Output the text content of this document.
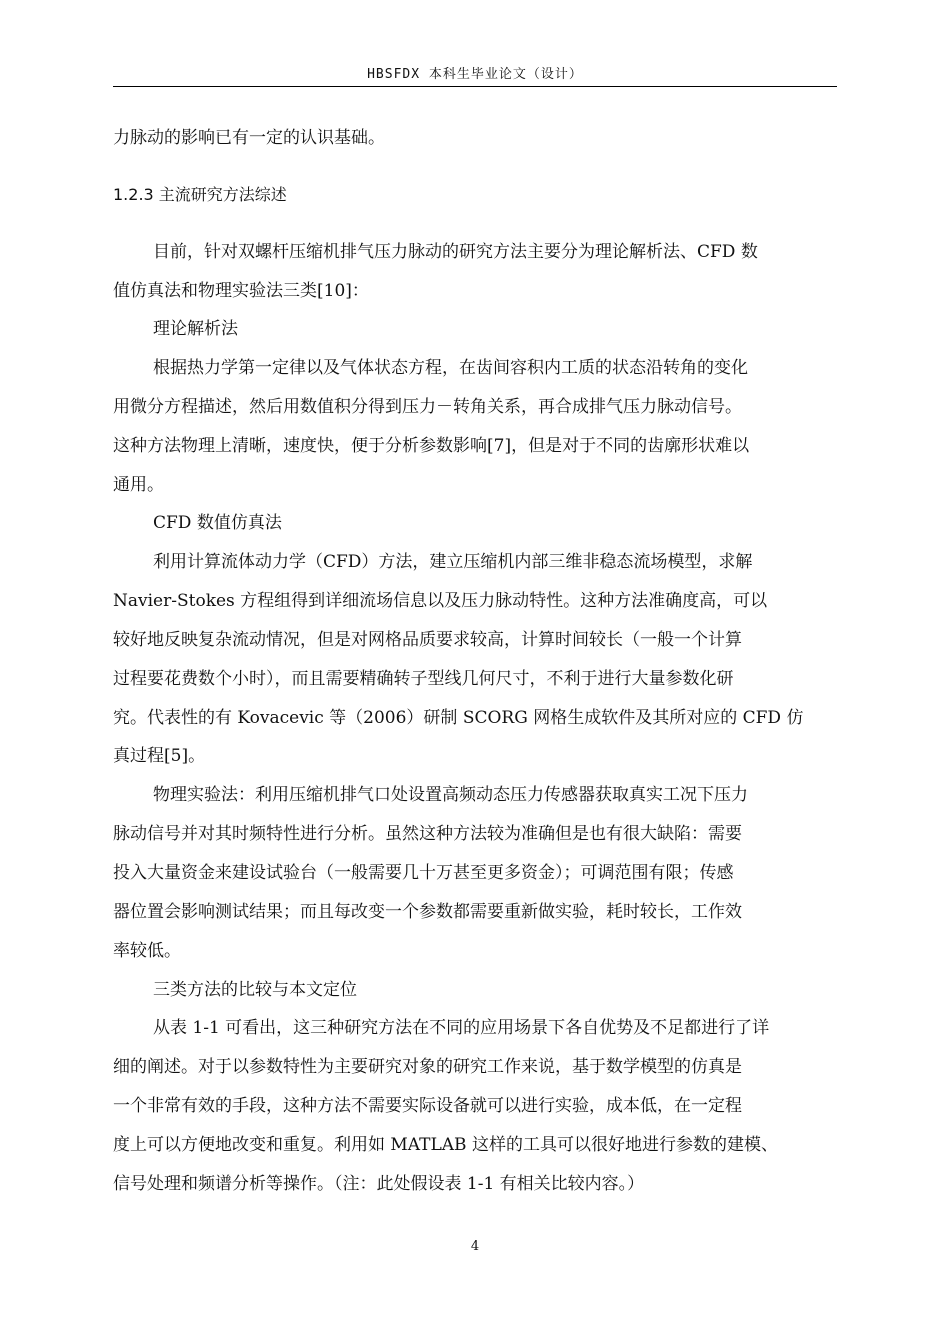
HBSFDX 本科生毕业论文（设计）
力脉动的影响已有一定的认识基础。
1.2.3 主流研究方法综述
目前，针对双螺杆压缩机排气压力脉动的研究方法主要分为理论解析法、CFD 数
值仿真法和物理实验法三类[10]：
理论解析法
根据热力学第一定律以及气体状态方程，在齿间容积内工质的状态沿转角的变化
用微分方程描述，然后用数值积分得到压力－转角关系，再合成排气压力脉动信号。
这种方法物理上清晰，速度快，便于分析参数影响[7]，但是对于不同的齿廓形状难以
通用。
CFD 数值仿真法
利用计算流体动力学（CFD）方法，建立压缩机内部三维非稳态流场模型，求解
Navier-Stokes 方程组得到详细流场信息以及压力脉动特性。这种方法准确度高，可以
较好地反映复杂流动情况，但是对网格品质要求较高，计算时间较长（一般一个计算
过程要花费数个小时），而且需要精确转子型线几何尺寸，不利于进行大量参数化研
究。代表性的有 Kovacevic 等（2006）研制 SCORG 网格生成软件及其所对应的 CFD 仿
真过程[5]。
物理实验法：利用压缩机排气口处设置高频动态压力传感器获取真实工况下压力
脉动信号并对其时频特性进行分析。虽然这种方法较为准确但是也有很大缺陷：需要
投入大量资金来建设试验台（一般需要几十万甚至更多资金）；可调范围有限；传感
器位置会影响测试结果；而且每改变一个参数都需要重新做实验，耗时较长，工作效
率较低。
三类方法的比较与本文定位
从表 1-1 可看出，这三种研究方法在不同的应用场景下各自优势及不足都进行了详
细的阐述。对于以参数特性为主要研究对象的研究工作来说，基于数学模型的仿真是
一个非常有效的手段，这种方法不需要实际设备就可以进行实验，成本低，在一定程
度上可以方便地改变和重复。利用如 MATLAB 这样的工具可以很好地进行参数的建模、
信号处理和频谱分析等操作。（注：此处假设表 1-1 有相关比较内容。）
4
